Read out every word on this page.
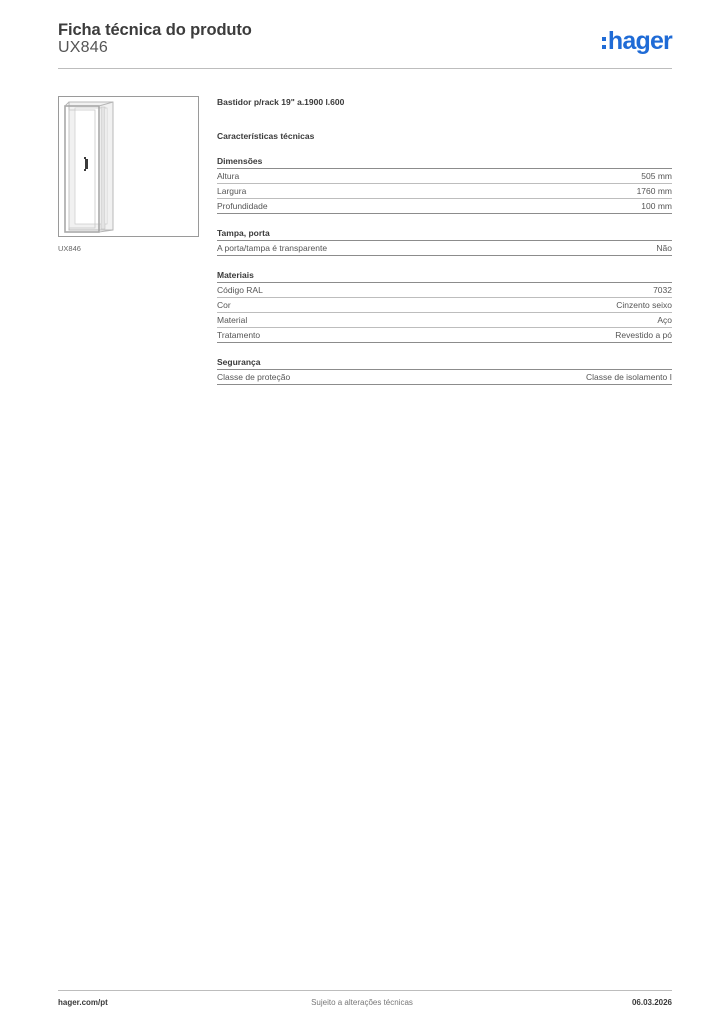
Ficha técnica do produto
UX846	hager
UX846
Bastidor p/rack 19" a.1900 l.600
Características técnicas
Dimensões
Altura	505 mm
Largura	1760 mm
Profundidade	100 mm
Tampa, porta
A porta/tampa é transparente	Não
Materiais
Código RAL	7032
Cor	Cinzento seixo
Material	Aço
Tratamento	Revestido a pó
Segurança
Classe de proteção	Classe de isolamento I
Sujeito a alterações técnicas
hager.com/pt	06.03.2026
